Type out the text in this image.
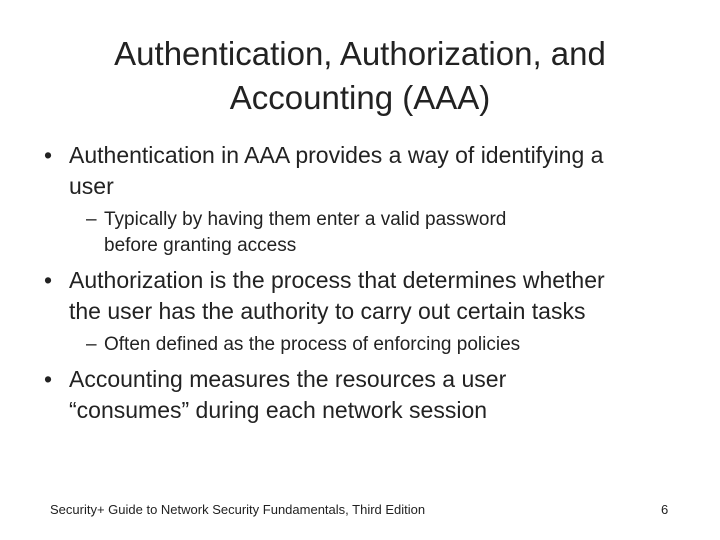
Authentication, Authorization, and
Accounting (AAA)
• Authentication in AAA provides a way of identifying a
user
– Typically by having them enter a valid password
before granting access
• Authorization is the process that determines whether
the user has the authority to carry out certain tasks
– Often defined as the process of enforcing policies
• Accounting measures the resources a user
“consumes” during each network session
Security+ Guide to Network Security Fundamentals, Third Edition	6
